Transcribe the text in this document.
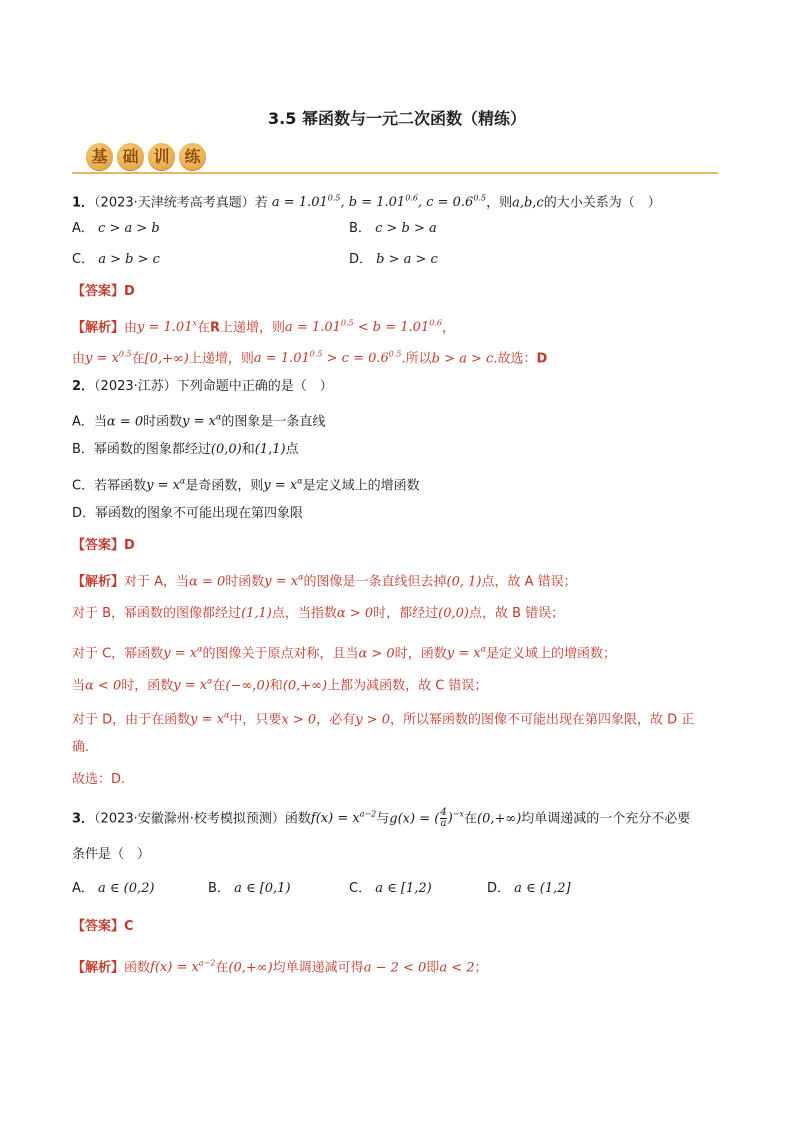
3.5 幂函数与一元二次函数（精练）
基 础 训 练
1．（2023·天津统考高考真题）若 $a = 1.01^{0.5}$, $b = 1.01^{0.6}$, $c = 0.6^{0.5}$，则a,b,c的大小关系为（　）
A． c > a > b	B． c > b > a
C． a > b > c	D． b > a > c
【答案】D
【解析】由$y = 1.01^x$在R上递增，则$a = 1.01^{0.5} < b = 1.01^{0.6}$，
由$y = x^{0.5}$在[0,+∞)上递增，则$a = 1.01^{0.5} > c = 0.6^{0.5}$.所以b > a > c.故选：D
2．（2023·江苏）下列命题中正确的是（　）
A．当α = 0时函数$y = x^\alpha$的图象是一条直线
B．幂函数的图象都经过(0,0)和(1,1)点
C．若幂函数$y = x^\alpha$是奇函数，则$y = x^\alpha$是定义域上的增函数
D．幂函数的图象不可能出现在第四象限
【答案】D
【解析】对于 A，当α = 0时函数$y = x^\alpha$的图像是一条直线但去掉(0, 1)点，故 A 错误；
对于 B，幂函数的图像都经过(1,1)点，当指数α > 0时，都经过(0,0)点，故 B 错误；
对于 C，幂函数$y = x^\alpha$的图像关于原点对称，且当α > 0时，函数$y = x^\alpha$是定义域上的增函数；
当α < 0时，函数$y = x^\alpha$在(−∞,0)和(0,+∞)上都为减函数，故 C 错误；
对于 D，由于在函数$y = x^\alpha$中，只要x > 0，必有y > 0，所以幂函数的图像不可能出现在第四象限，故 D 正
确.
故选：D.
3．（2023·安徽滁州·校考模拟预测）函数$f(x) = x^{a-2}$与g(x) = ( $\frac{4}{a} )^{-x}$在(0,+∞)均单调递减的一个充分不必要
条件是（　）
A． a ∈ (0,2)	B． a ∈ [0,1)	C． a ∈ [1,2)	D． a ∈ (1,2]
【答案】C
【解析】函数$f(x) = x^{a-2}$在(0,+∞)均单调递减可得a − 2 < 0即a < 2；
